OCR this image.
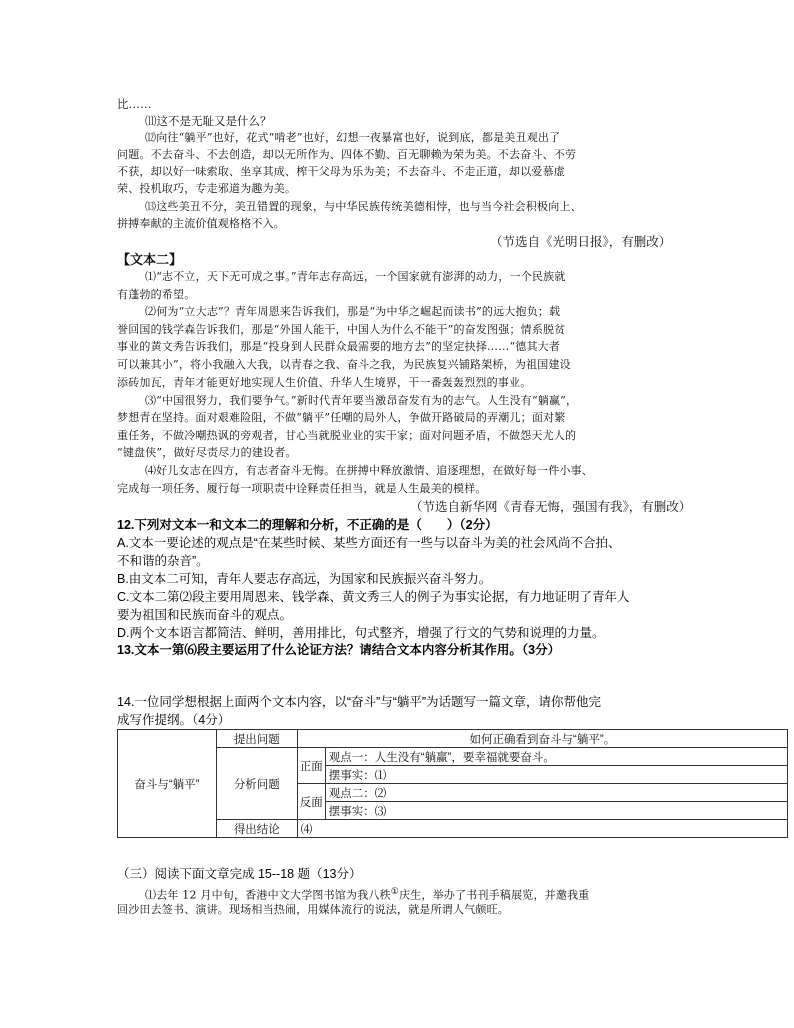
比……
⑾这不是无耻又是什么？
⑿向往“躺平”也好，花式“啃老”也好，幻想一夜暴富也好，说到底，都是美丑观出了
问题。不去奋斗、不去创造，却以无所作为、四体不勤、百无聊赖为荣为美。不去奋斗、不劳
不获，却以好一味索取、坐享其成、榨干父母为乐为美；不去奋斗、不走正道，却以爱慕虚
荣、投机取巧，专走邪道为趣为美。
⒀这些美丑不分，美丑错置的现象，与中华民族传统美德相悖，也与当今社会积极向上、
拼搏奉献的主流价值观格格不入。
（节选自《光明日报》，有删改）
【文本二】
⑴“志不立，天下无可成之事。”青年志存高远，一个国家就有澎湃的动力，一个民族就
有蓬勃的希望。
⑵何为“立大志”？青年周恩来告诉我们，那是“为中华之崛起而读书”的远大抱负；载
誉回国的钱学森告诉我们，那是“外国人能干，中国人为什么不能干”的奋发图强；情系脱贫
事业的黄文秀告诉我们，那是“投身到人民群众最需要的地方去”的坚定抉择……“德其大者
可以兼其小”，将小我融入大我，以青春之我、奋斗之我，为民族复兴铺路架桥，为祖国建设
添砖加瓦，青年才能更好地实现人生价值、升华人生境界，干一番轰轰烈烈的事业。
⑶“中国很努力，我们要争气。”新时代青年要当激昂奋发有为的志气。人生没有“躺赢”，
梦想青在坚持。面对艰难险阻，不做“躺平”任嘲的局外人，争做开路破局的弄潮儿；面对繁
重任务，不做冷嘲热讽的旁观者，甘心当就脱业业的实干家；面对问题矛盾，不做怨天尤人的
“键盘侠”，做好尽责尽力的建设者。
⑷好儿女志在四方，有志者奋斗无悔。在拼搏中释放激情、追逐理想，在做好每一件小事、
完成每一项任务、履行每一项职责中诠释责任担当，就是人生最美的模样。
（节选自新华网《青春无悔，强国有我》，有删改）
12.下列对文本一和文本二的理解和分析，不正确的是（　　）（2分）
A.文本一要论述的观点是“在某些时候、某些方面还有一些与以奋斗为美的社会风尚不合拍、
不和谐的杂音”。
B.由文本二可知，青年人要志存高远，为国家和民族振兴奋斗努力。
C.文本二第⑵段主要用周恩来、钱学森、黄文秀三人的例子为事实论据，有力地证明了青年人
要为祖国和民族而奋斗的观点。
D.两个文本语言都简洁、鲜明，善用排比，句式整齐，增强了行文的气势和说理的力量。
13.文本一第⑹段主要运用了什么论证方法？请结合文本内容分析其作用。（3分）
14.一位同学想根据上面两个文本内容，以“奋斗”与“躺平”为话题写一篇文章，请你帮他完
成写作提纲。（4分）
奋斗与“躺平”	提出问题	如何正确看到奋斗与“躺平”。	
	分析问题	正面	观点一：人生没有“躺赢”，要幸福就要奋斗。
			摆事实：⑴
		反面	观点二：⑵
			摆事实：⑶
	得出结论	⑷	
（三）阅读下面文章完成 15--18 题（13分）
⑴去年 12 月中旬，香港中文大学图书馆为我八秩①庆生，举办了书刊手稿展览，并邀我重
回沙田去签书、演讲。现场相当热闹，用媒体流行的说法，就是所谓人气颇旺。
